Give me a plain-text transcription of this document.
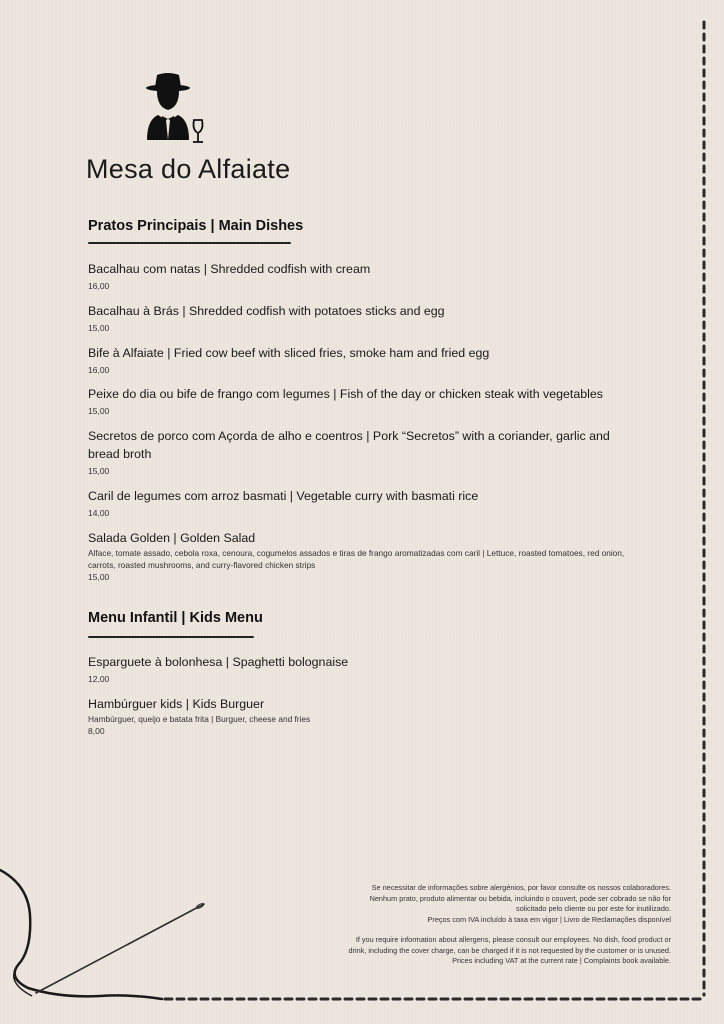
Mesa do Alfaiate
Pratos Principais | Main Dishes
Bacalhau com natas | Shredded codfish with cream
16,00
Bacalhau à Brás | Shredded codfish with potatoes sticks and egg
15,00
Bife à Alfaiate | Fried cow beef with sliced fries, smoke ham and fried egg
16,00
Peixe do dia ou bife de frango com legumes | Fish of the day or chicken steak with vegetables
15,00
Secretos de porco com Açorda de alho e coentros | Pork “Secretos” with a coriander, garlic and bread broth
15,00
Caril de legumes com arroz basmati | Vegetable curry with basmati rice
14,00
Salada Golden | Golden Salad
Alface, tomate assado, cebola roxa, cenoura, cogumelos assados e tiras de frango aromatizadas com caril | Lettuce, roasted tomatoes, red onion, carrots, roasted mushrooms, and curry-flavored chicken strips
15,00
Menu Infantil | Kids Menu
Esparguete à bolonhesa | Spaghetti bolognaise
12,00
Hambúrguer kids | Kids Burguer
Hambúrguer, queijo e batata frita | Burguer, cheese and fries
8,00
Se necessitar de informações sobre alergénios, por favor consulte os nossos colaboradores.
Nenhum prato, produto alimentar ou bebida, incluindo o couvert, pode ser cobrado se não for
solicitado pelo cliente ou por este for inutilizado.
Preços com IVA incluído à taxa em vigor | Livro de Reclamações disponível
If you require information about allergens, please consult our employees. No dish, food product or
drink, including the cover charge, can be charged if it is not requested by the customer or is unused.
Prices including VAT at the current rate | Complaints book available.
